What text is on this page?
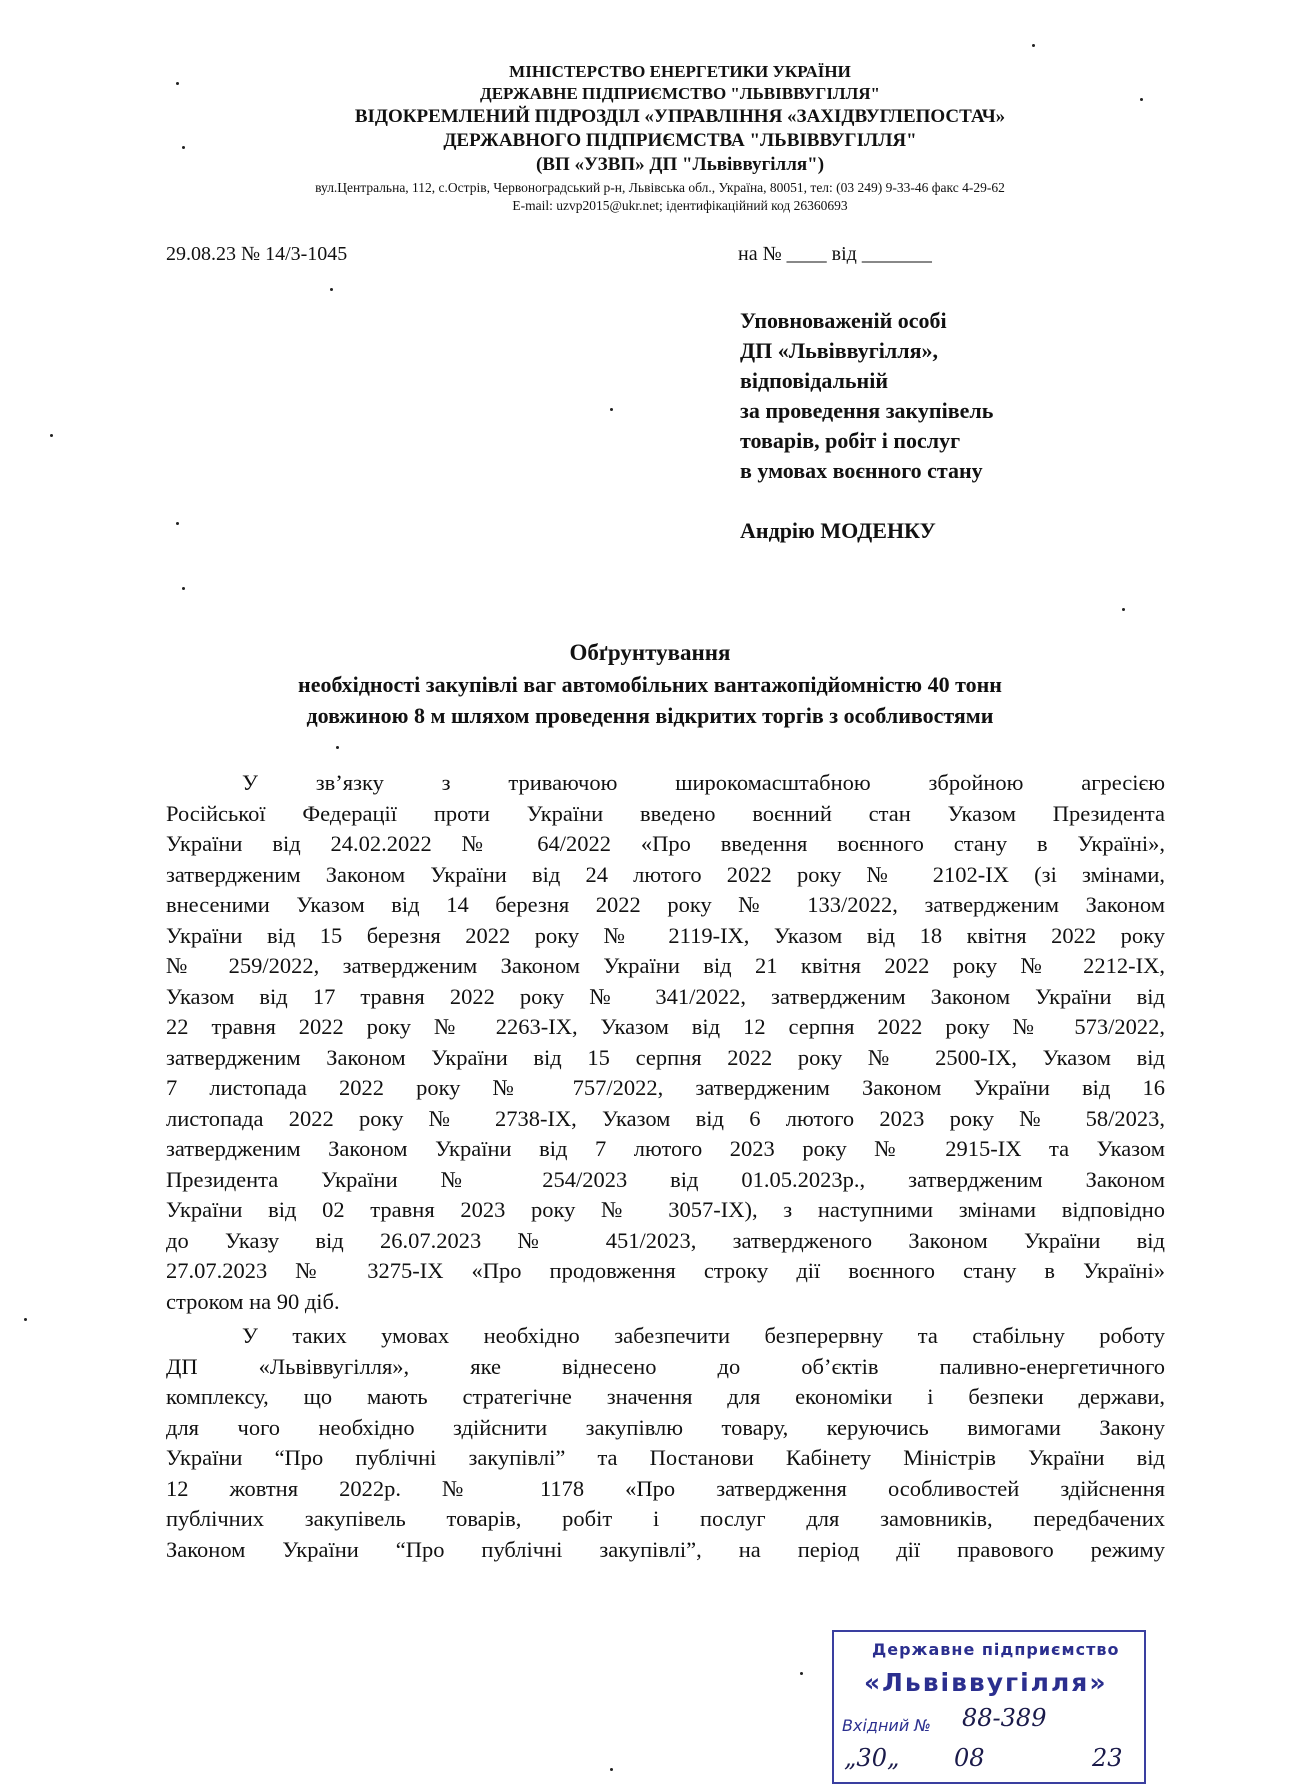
МІНІСТЕРСТВО ЕНЕРГЕТИКИ УКРАЇНИ
ДЕРЖАВНЕ ПІДПРИЄМСТВО "ЛЬВІВВУГІЛЛЯ"
ВІДОКРЕМЛЕНИЙ ПІДРОЗДІЛ «УПРАВЛІННЯ «ЗАХІДВУГЛЕПОСТАЧ»
ДЕРЖАВНОГО ПІДПРИЄМСТВА "ЛЬВІВВУГІЛЛЯ"
(ВП «УЗВП» ДП "Львіввугілля")
вул.Центральна, 112, с.Острів, Червоноградський р-н, Львівська обл., Україна, 80051, тел: (03 249) 9-33-46 факс 4-29-62
E-mail: uzvp2015@ukr.net; ідентифікаційний код 26360693
29.08.23 № 14/3-1045	на № ____ від _______
Уповноваженій особі
ДП «Львіввугілля»,
відповідальній
за проведення закупівель
товарів, робіт і послуг
в умовах воєнного стану
Андрію МОДЕНКУ
Обґрунтування
необхідності закупівлі ваг автомобільних вантажопідйомністю 40 тонн
довжиною 8 м шляхом проведення відкритих торгів з особливостями
У зв’язку з триваючою широкомасштабною збройною агресією
Російської Федерації проти України введено воєнний стан Указом Президента
України від 24.02.2022 № 64/2022 «Про введення воєнного стану в Україні»,
затвердженим Законом України від 24 лютого 2022 року № 2102-IX (зі змінами,
внесеними Указом від 14 березня 2022 року № 133/2022, затвердженим Законом
України від 15 березня 2022 року № 2119-IX, Указом від 18 квітня 2022 року
№ 259/2022, затвердженим Законом України від 21 квітня 2022 року № 2212-IX,
Указом від 17 травня 2022 року № 341/2022, затвердженим Законом України від
22 травня 2022 року № 2263-IX, Указом від 12 серпня 2022 року № 573/2022,
затвердженим Законом України від 15 серпня 2022 року № 2500-IX, Указом від
7 листопада 2022 року № 757/2022, затвердженим Законом України від 16
листопада 2022 року № 2738-IX, Указом від 6 лютого 2023 року № 58/2023,
затвердженим Законом України від 7 лютого 2023 року № 2915-IX та Указом
Президента України № 254/2023 від 01.05.2023р., затвердженим Законом
України від 02 травня 2023 року № 3057-IX), з наступними змінами відповідно
до Указу від 26.07.2023 № 451/2023, затвердженого Законом України від
27.07.2023 № 3275-IX «Про продовження строку дії воєнного стану в Україні»
строком на 90 діб.
У таких умовах необхідно забезпечити безперервну та стабільну роботу
ДП «Львіввугілля», яке віднесено до об’єктів паливно-енергетичного
комплексу, що мають стратегічне значення для економіки і безпеки держави,
для чого необхідно здійснити закупівлю товару, керуючись вимогами Закону
України “Про публічні закупівлі” та Постанови Кабінету Міністрів України від
12 жовтня 2022р. № 1178 «Про затвердження особливостей здійснення
публічних закупівель товарів, робіт і послуг для замовників, передбачених
Законом України “Про публічні закупівлі”, на період дії правового режиму
Державне підприємство
«Львіввугілля»
Вхідний № 88-389
„30„ 08	23
